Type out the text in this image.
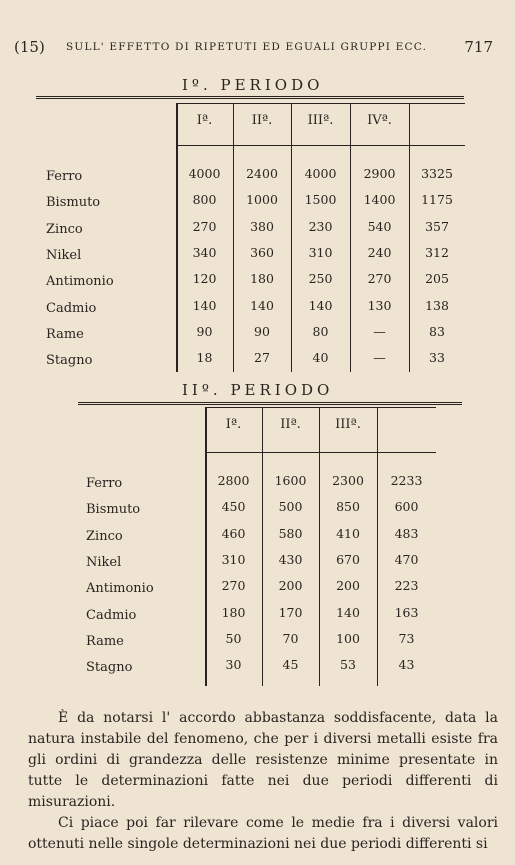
(15) SULL' EFFETTO DI RIPETUTI ED EGUALI GRUPPI ECC. 717
Iº. PERIODO
IIº. PERIODO

È da notarsi l' accordo abbastanza soddisfacente, data la natura instabile del fenomeno, che per i diversi metalli esiste fra gli ordini di grandezza delle resistenze minime presentate in tutte le determinazioni fatte nei due periodi differenti di misurazioni.

Ci piace poi far rilevare come le medie fra i diversi valori ottenuti nelle singole determinazioni nei due periodi differenti si

Iª.	IIª.	IIIª.	IVª.
Ferro	4000	2400	4000	2900	3325
Bismuto	800	1000	1500	1400	1175
Zinco	270	380	230	540	357
Nikel	340	360	310	240	312
Antimonio	120	180	250	270	205
Cadmio	140	140	140	130	138
Rame	90	90	80	—	83
Stagno	18	27	40	—	33
Iª.	IIª.	IIIª.
Ferro	2800	1600	2300	2233
Bismuto	450	500	850	600
Zinco	460	580	410	483
Nikel	310	430	670	470
Antimonio	270	200	200	223
Cadmio	180	170	140	163
Rame	50	70	100	73
Stagno	30	45	53	43
